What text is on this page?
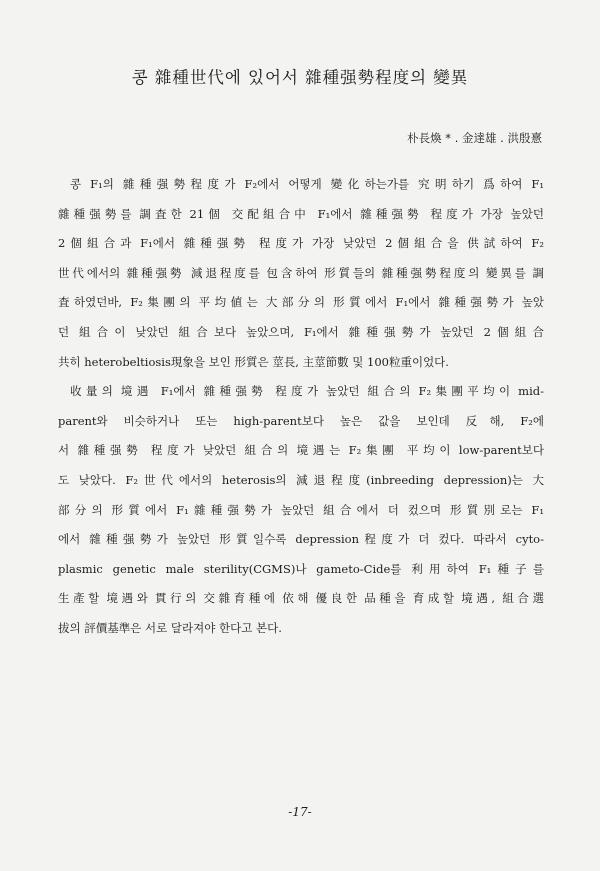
콩 雜種世代에 있어서 雜種强勢程度의 變異
朴長煥 * . 金達雄 . 洪殷憙
콩 F₁의 雜種强勢程度가 F₂에서 어떻게 變化하는가를 究明하기 爲하여 F₁
雜種强勢를 調査한 21個 交配組合中 F₁에서 雜種强勢 程度가 가장 높았던
2個組合과 F₁에서 雜種强勢 程度가 가장 낮았던 2個組合을 供試하여 F₂
世代에서의 雜種强勢 減退程度를 包含하여 形質들의 雜種强勢程度의 變異를 調
査하였던바, F₂集團의 平均値는 大部分의 形質에서 F₁에서 雜種强勢가 높았
던 組合이 낮았던 組合보다 높았으며, F₁에서 雜種强勢가 높았던 2個組合
共히 heterobeltiosis現象을 보인 形質은 莖長, 主莖節數 및 100粒重이었다.
收量의 境遇 F₁에서 雜種强勢 程度가 높았던 組合의 F₂集團平均이 mid-
parent와 비슷하거나 또는 high-parent보다 높은 값을 보인데 反해, F₂에
서 雜種强勢 程度가 낮았던 組合의 境遇는 F₂集團 平均이 low-parent보다
도 낮았다. F₂世代에서의 heterosis의 減退程度(inbreeding depression)는 大
部分의 形質에서 F₁雜種强勢가 높았던 組合에서 더 컸으며 形質別로는 F₁
에서 雜種强勢가 높았던 形質일수록 depression程度가 더 컸다. 따라서 cyto-
plasmic genetic male sterility(CGMS)나 gameto-Cide를 利用하여 F₁種子를
生產할 境遇와 貫行의 交雜育種에 依해 優良한 品種을 育成할 境遇, 組合選
拔의 評價基準은 서로 달라져야 한다고 본다.
-17-
